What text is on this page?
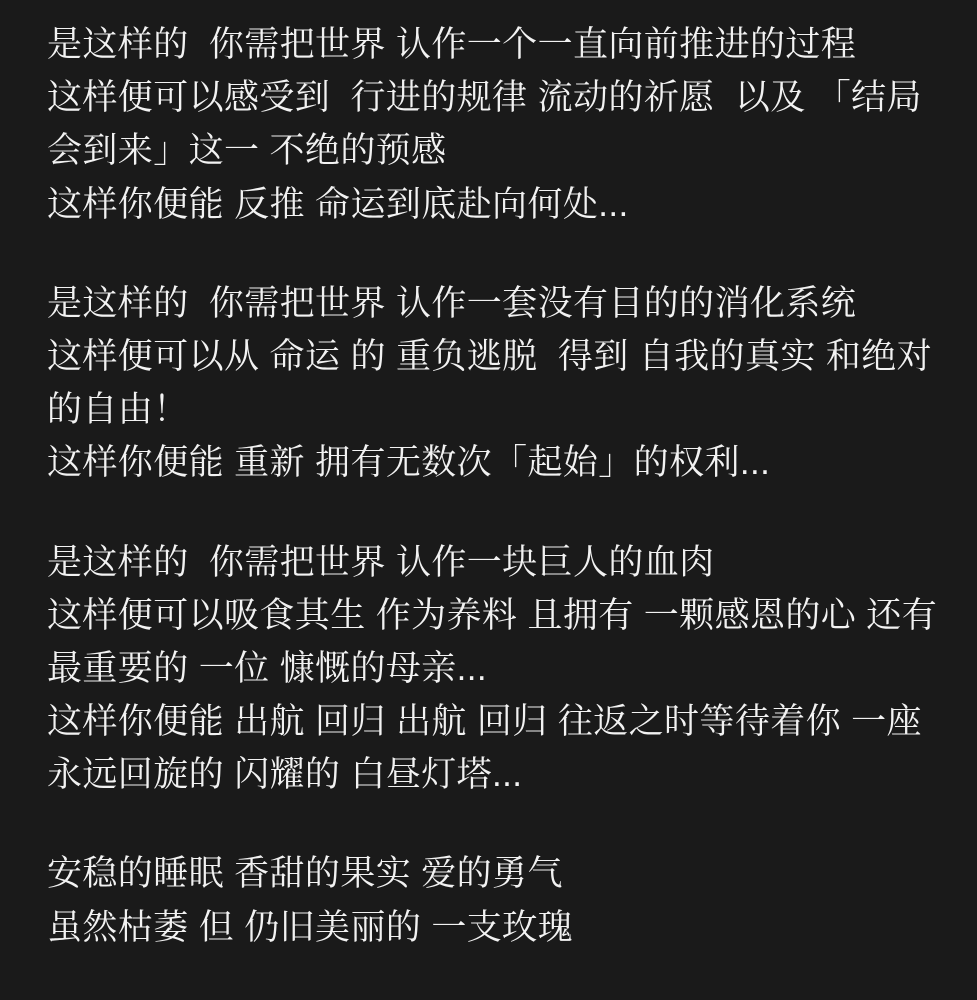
是这样的  你需把世界 认作一个一直向前推进的过程

这样便可以感受到  行进的规律 流动的祈愿  以及 「结局会到来」这一 不绝的预感

这样你便能 反推 命运到底赴向何处...

是这样的  你需把世界 认作一套没有目的的消化系统

这样便可以从 命运 的 重负逃脱  得到 自我的真实 和绝对的自由！

这样你便能 重新 拥有无数次「起始」的权利...

是这样的  你需把世界 认作一块巨人的血肉

这样便可以吸食其生 作为养料 且拥有 一颗感恩的心 还有最重要的 一位 慷慨的母亲...

这样你便能 出航 回归 出航 回归 往返之时等待着你 一座永远回旋的 闪耀的 白昼灯塔...

安稳的睡眠 香甜的果实 爱的勇气

虽然枯萎 但 仍旧美丽的 一支玫瑰
